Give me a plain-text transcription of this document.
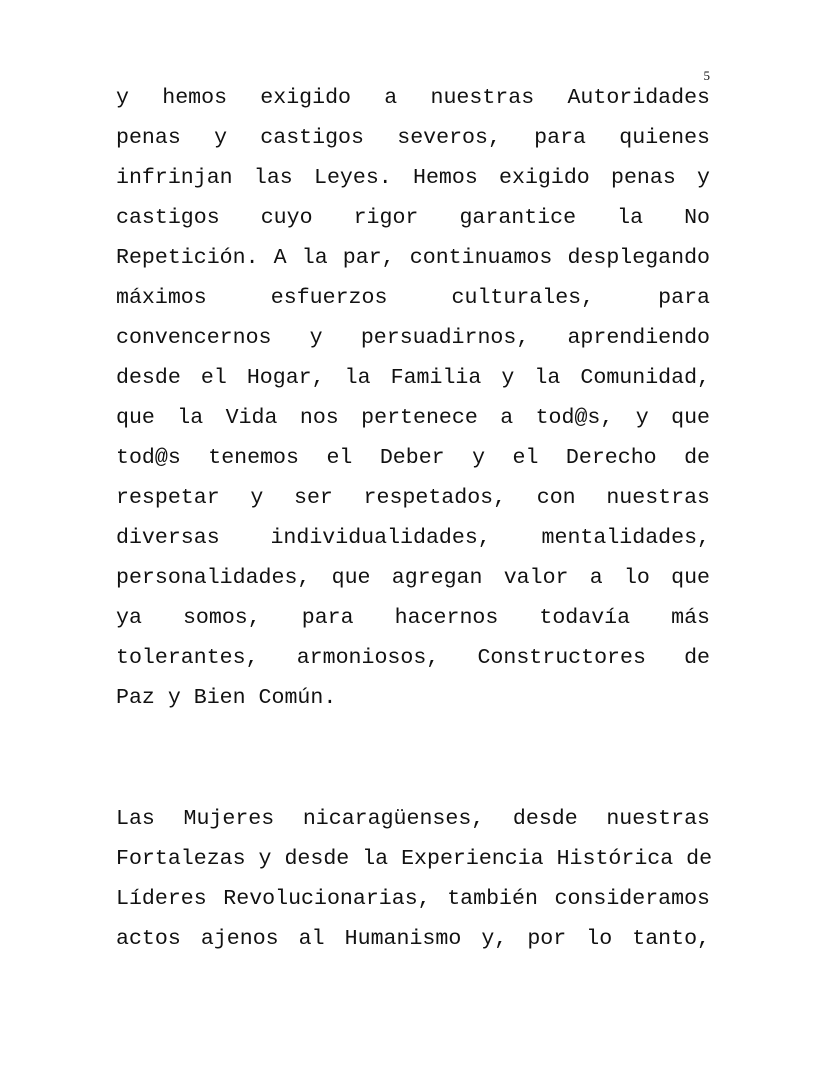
5
y hemos exigido a nuestras Autoridades
penas y castigos severos, para quienes
infrinjan las Leyes. Hemos exigido penas y
castigos cuyo rigor garantice la No
Repetición. A la par, continuamos desplegando
máximos esfuerzos culturales, para
convencernos y persuadirnos, aprendiendo
desde el Hogar, la Familia y la Comunidad,
que la Vida nos pertenece a tod@s, y que
tod@s tenemos el Deber y el Derecho de
respetar y ser respetados, con nuestras
diversas individualidades, mentalidades,
personalidades, que agregan valor a lo que
ya somos, para hacernos todavía más
tolerantes, armoniosos, Constructores de
Paz y Bien Común.
Las Mujeres nicaragüenses, desde nuestras
Fortalezas y desde la Experiencia Histórica de
Líderes Revolucionarias, también consideramos
actos ajenos al Humanismo y, por lo tanto,
